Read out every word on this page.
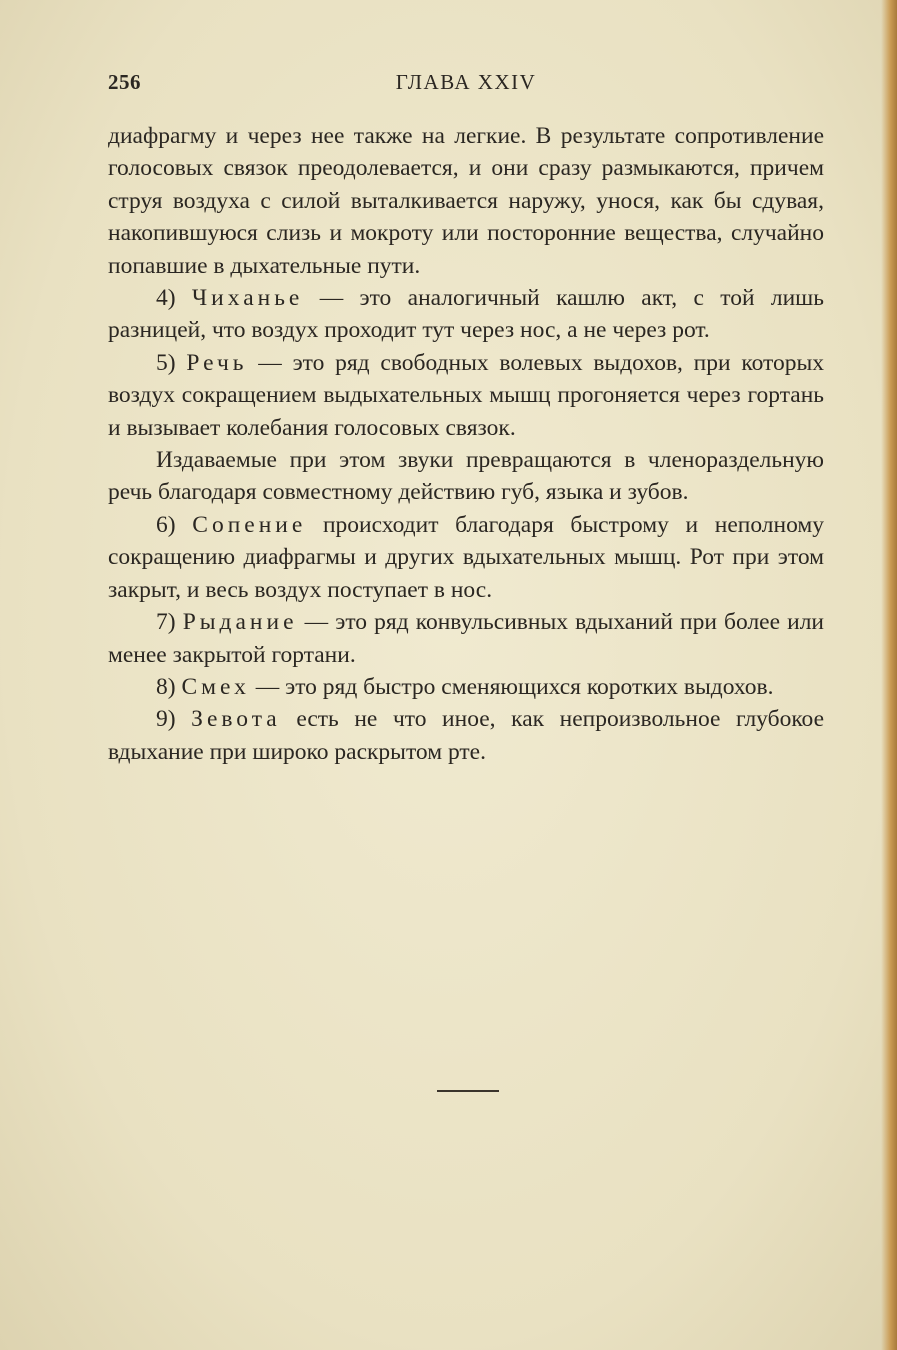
256	ГЛАВА XXIV

диафрагму и через нее также на легкие. В результате сопротивление голосовых связок преодолевается, и они сразу размыкаются, причем струя воздуха с силой выталкивается наружу, унося, как бы сдувая, накопившуюся слизь и мокроту или посторонние вещества, случайно попавшие в дыхательные пути.

4) Чиханье — это аналогичный кашлю акт, с той лишь разницей, что воздух проходит тут через нос, а не через рот.

5) Речь — это ряд свободных волевых выдохов, при которых воздух сокращением выдыхательных мышц прогоняется через гортань и вызывает колебания голосовых связок.

Издаваемые при этом звуки превращаются в членораздельную речь благодаря совместному действию губ, языка и зубов.

6) Сопение происходит благодаря быстрому и неполному сокращению диафрагмы и других вдыхательных мышц. Рот при этом закрыт, и весь воздух поступает в нос.

7) Рыдание — это ряд конвульсивных вдыханий при более или менее закрытой гортани.

8) Смех — это ряд быстро сменяющихся коротких выдохов.

9) Зевота есть не что иное, как непроизвольное глубокое вдыхание при широко раскрытом рте.
